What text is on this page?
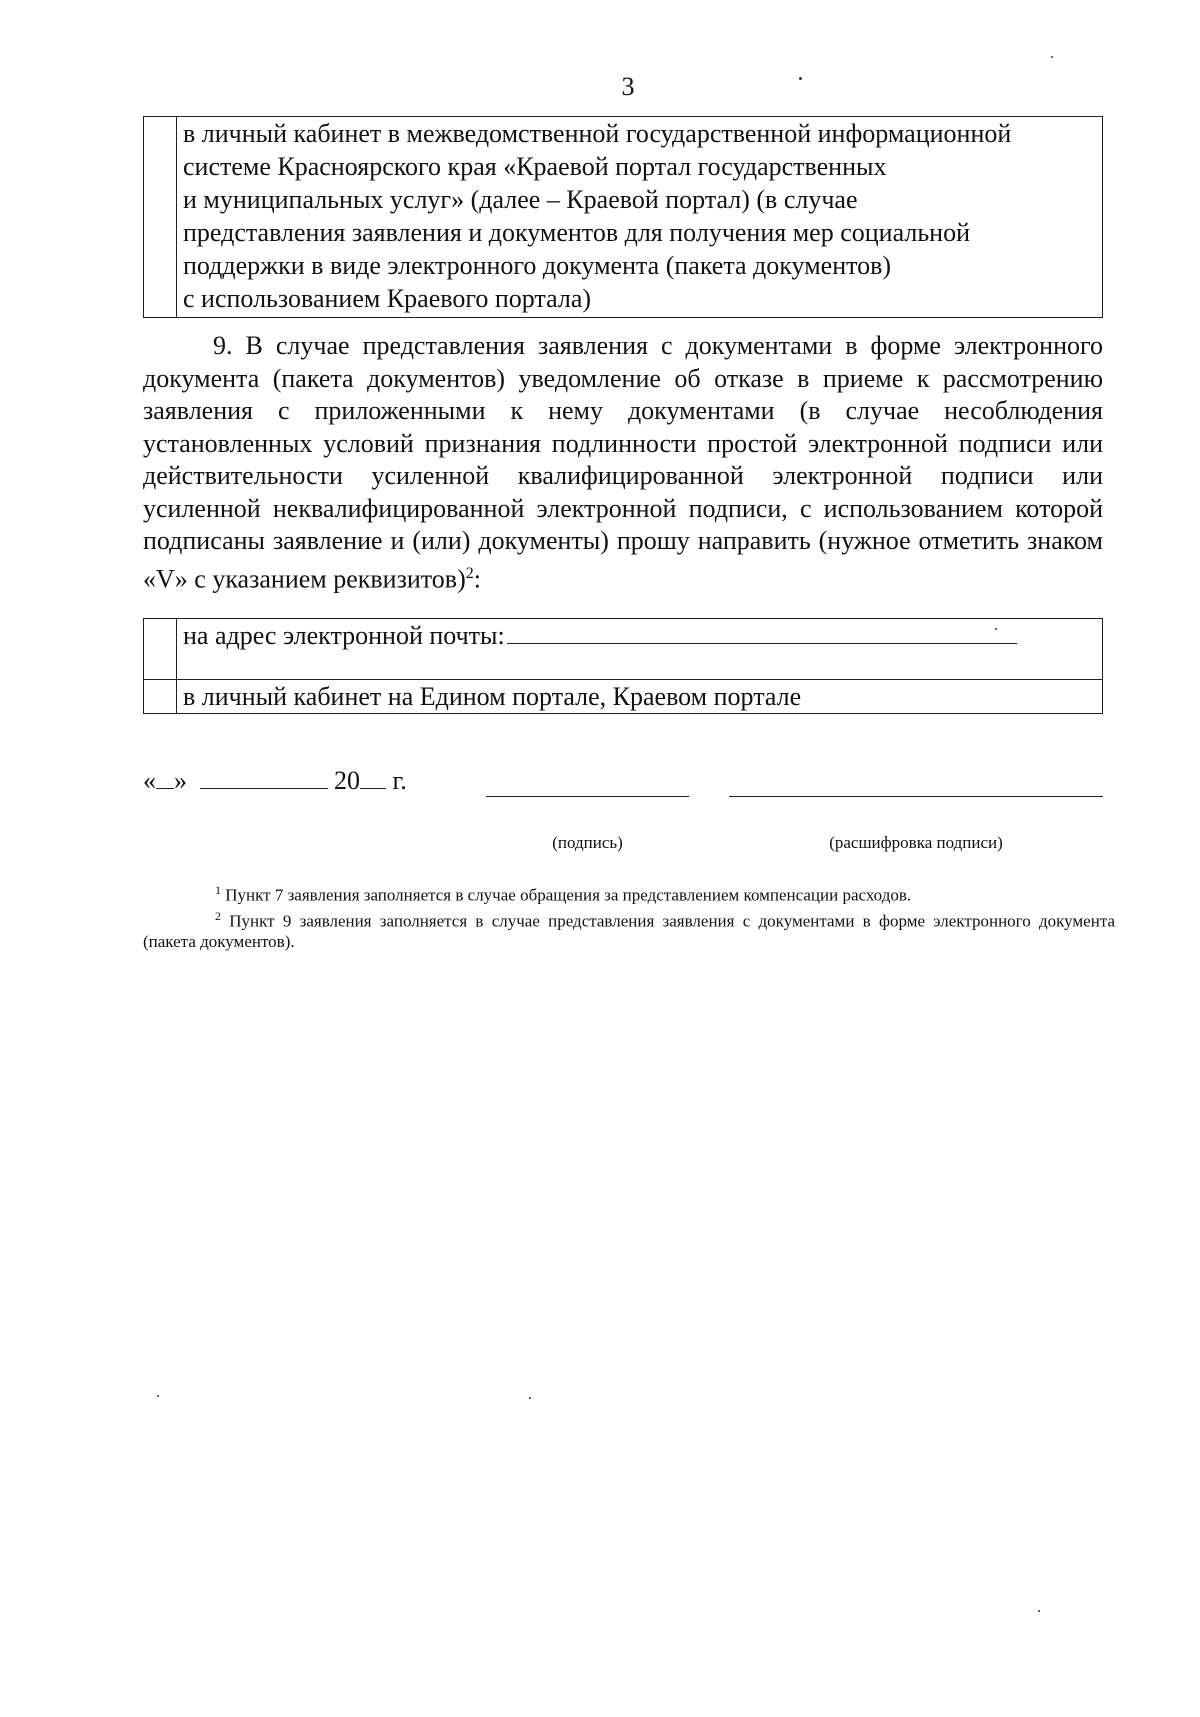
3

в личный кабинет в межведомственной государственной информационной
системе Красноярского края «Краевой портал государственных
и муниципальных услуг» (далее – Краевой портал) (в случае
представления заявления и документов для получения мер социальной
поддержки в виде электронного документа (пакета документов)
с использованием Краевого портала)

9. В случае представления заявления с документами в форме электронного документа (пакета документов) уведомление об отказе в приеме к рассмотрению заявления с приложенными к нему документами (в случае несоблюдения установленных условий признания подлинности простой электронной подписи или действительности усиленной квалифицированной электронной подписи или усиленной неквалифицированной электронной подписи, с использованием которой подписаны заявление и (или) документы) прошу направить (нужное отметить знаком «V» с указанием реквизитов)$^2$:

	на адрес электронной почты:
	в личный кабинет на Едином портале, Краевом портале
« »	20 г.
(подпись)	(расшифровка подписи)

$^1$ Пункт 7 заявления заполняется в случае обращения за представлением компенсации расходов.

$^2$ Пункт 9 заявления заполняется в случае представления заявления с документами в форме электронного документа (пакета документов).
